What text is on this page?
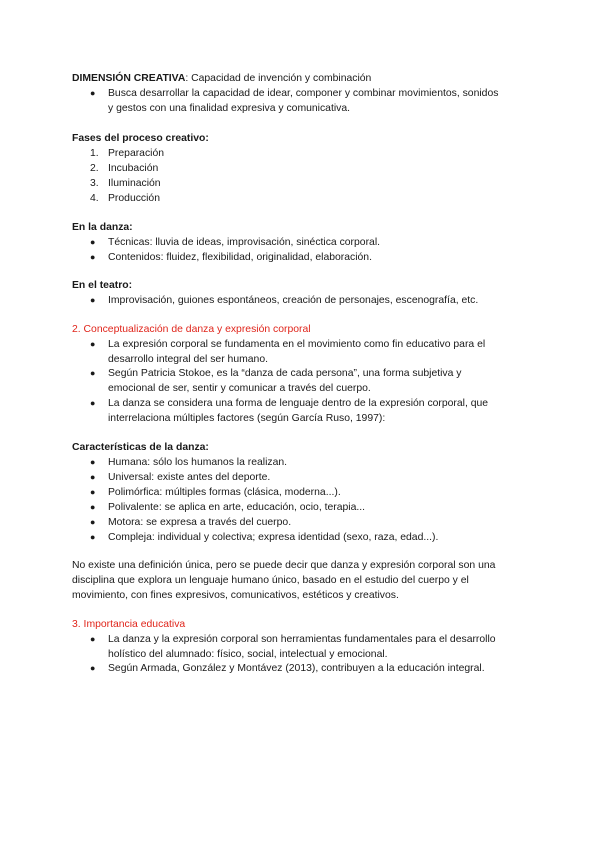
DIMENSIÓN CREATIVA: Capacidad de invención y combinación
● Busca desarrollar la capacidad de idear, componer y combinar movimientos, sonidos
y gestos con una finalidad expresiva y comunicativa.
Fases del proceso creativo:
1. Preparación
2. Incubación
3. Iluminación
4. Producción
En la danza:
● Técnicas: lluvia de ideas, improvisación, sinéctica corporal.
● Contenidos: fluidez, flexibilidad, originalidad, elaboración.
En el teatro:
● Improvisación, guiones espontáneos, creación de personajes, escenografía, etc.
2. Conceptualización de danza y expresión corporal
● La expresión corporal se fundamenta en el movimiento como fin educativo para el
desarrollo integral del ser humano.
● Según Patricia Stokoe, es la “danza de cada persona”, una forma subjetiva y
emocional de ser, sentir y comunicar a través del cuerpo.
● La danza se considera una forma de lenguaje dentro de la expresión corporal, que
interrelaciona múltiples factores (según García Ruso, 1997):
Características de la danza:
● Humana: sólo los humanos la realizan.
● Universal: existe antes del deporte.
● Polimórfica: múltiples formas (clásica, moderna...).
● Polivalente: se aplica en arte, educación, ocio, terapia...
● Motora: se expresa a través del cuerpo.
● Compleja: individual y colectiva; expresa identidad (sexo, raza, edad...).
No existe una definición única, pero se puede decir que danza y expresión corporal son una
disciplina que explora un lenguaje humano único, basado en el estudio del cuerpo y el
movimiento, con fines expresivos, comunicativos, estéticos y creativos.
3. Importancia educativa
● La danza y la expresión corporal son herramientas fundamentales para el desarrollo
holístico del alumnado: físico, social, intelectual y emocional.
● Según Armada, González y Montávez (2013), contribuyen a la educación integral.
